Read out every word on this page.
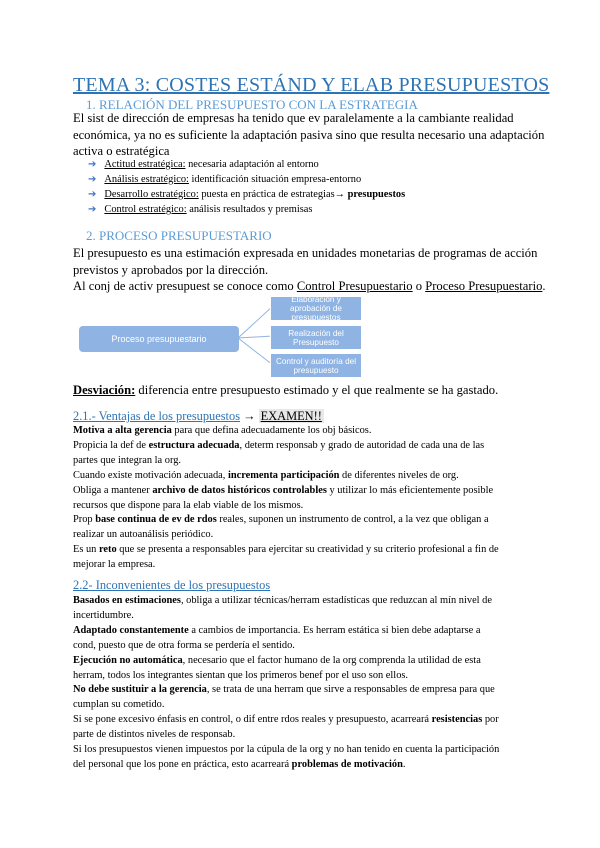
TEMA 3: COSTES ESTÁND Y ELAB PRESUPUESTOS
1. RELACIÓN DEL PRESUPUESTO CON LA ESTRATEGIA
El sist de dirección de empresas ha tenido que ev paralelamente a la cambiante realidad
económica, ya no es suficiente la adaptación pasiva sino que resulta necesario una adaptación
activa o estratégica
➔ Actitud estratégica: necesaria adaptación al entorno
➔ Análisis estratégico: identificación situación empresa-entorno
➔ Desarrollo estratégico: puesta en práctica de estrategias→ presupuestos
➔ Control estratégico: análisis resultados y premisas
2. PROCESO PRESUPUESTARIO
El presupuesto es una estimación expresada en unidades monetarias de programas de acción
previstos y aprobados por la dirección.
Al conj de activ presupuest se conoce como Control Presupuestario o Proceso Presupuestario.
Proceso presupuestario
Elaboración y aprobación de presupuestos
Realización del Presupuesto
Control y auditoría del presupuesto
Desviación: diferencia entre presupuesto estimado y el que realmente se ha gastado.
2.1.- Ventajas de los presupuestos → EXAMEN!!
Motiva a alta gerencia para que defina adecuadamente los obj básicos.
Propicia la def de estructura adecuada, determ responsab y grado de autoridad de cada una de las
partes que integran la org.
Cuando existe motivación adecuada, incrementa participación de diferentes niveles de org.
Obliga a mantener archivo de datos históricos controlables y utilizar lo más eficientemente posible
recursos que dispone para la elab viable de los mismos.
Prop base continua de ev de rdos reales, suponen un instrumento de control, a la vez que obligan a
realizar un autoanálisis periódico.
Es un reto que se presenta a responsables para ejercitar su creatividad y su criterio profesional a fin de
mejorar la empresa.
2.2- Inconvenientes de los presupuestos
Basados en estimaciones, obliga a utilizar técnicas/herram estadísticas que reduzcan al mín nivel de
incertidumbre.
Adaptado constantemente a cambios de importancia. Es herram estática si bien debe adaptarse a
cond, puesto que de otra forma se perdería el sentido.
Ejecución no automática, necesario que el factor humano de la org comprenda la utilidad de esta
herram, todos los integrantes sientan que los primeros benef por el uso son ellos.
No debe sustituir a la gerencia, se trata de una herram que sirve a responsables de empresa para que
cumplan su cometido.
Si se pone excesivo énfasis en control, o dif entre rdos reales y presupuesto, acarreará resistencias por
parte de distintos niveles de responsab.
Si los presupuestos vienen impuestos por la cúpula de la org y no han tenido en cuenta la participación
del personal que los pone en práctica, esto acarreará problemas de motivación.
